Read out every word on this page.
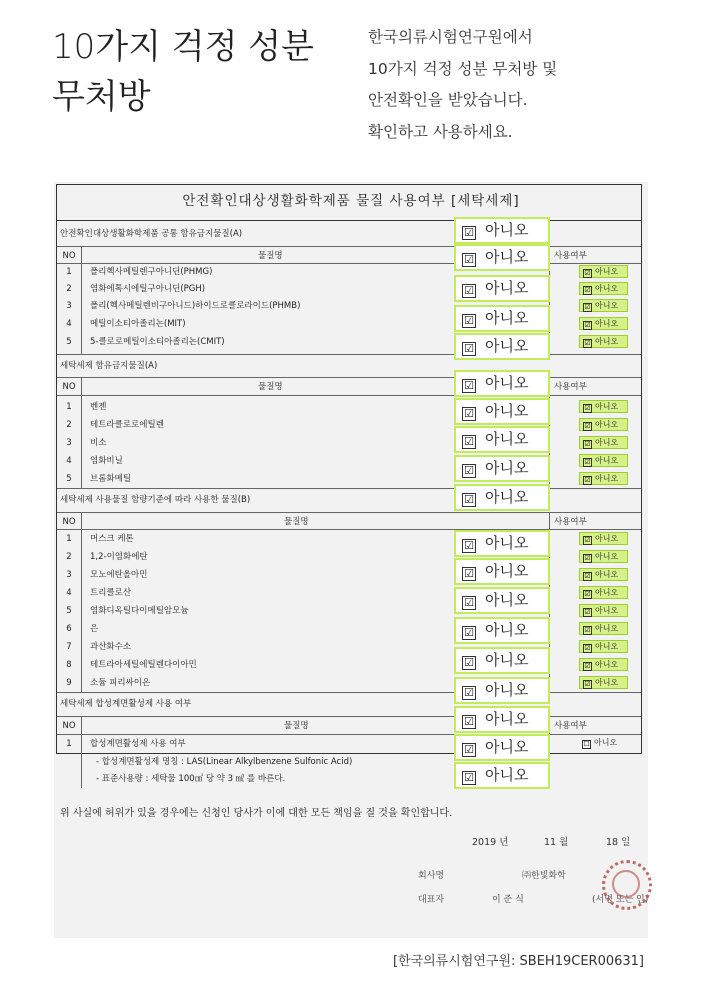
10가지 걱정 성분
무처방
한국의류시험연구원에서
10가지 걱정 성분 무처방 및
안전확인을 받았습니다.
확인하고 사용하세요.
안전확인대상생활화학제품 물질 사용여부 [세탁세제]
안전확인대상생활화학제품 공통 함유금지물질(A)
NO	물질명	사용여부
1	폴리헥사메틸렌구아니딘(PHMG)	☑ 아니오
2	염화에톡시에틸구아니딘(PGH)	☑ 아니오
3	폴리(헥사메틸렌비구아니드)하이드로클로라이드(PHMB)	☑ 아니오
4	메틸이소티아졸리논(MIT)	☑ 아니오
5	5-클로로메틸이소티아졸리논(CMIT)	☑ 아니오
세탁세제 함유금지물질(A)
NO	물질명	사용여부
1	벤젠	☑ 아니오
2	테트라클로로에틸렌	☑ 아니오
3	비소	☑ 아니오
4	염화비닐	☑ 아니오
5	브롬화메틸	☑ 아니오
세탁세제 사용물질 함량기준에 따라 사용한 물질(B)
NO	물질명	사용여부
1	머스크 케톤	☑ 아니오
2	1,2-이염화에탄	☑ 아니오
3	모노에탄올아민	☑ 아니오
4	트리클로산	☑ 아니오
5	염화디옥틸다이메틸암모늄	☑ 아니오
6	은	☑ 아니오
7	과산화수소	☑ 아니오
8	테트라아세틸에틸렌다이아민	☑ 아니오
9	소듐 피리싸이온	☑ 아니오
세탁세제 합성계면활성제 사용 여부
NO	물질명	사용여부
1	합성계면활성제 사용 여부	☐ 아니오
- 합성계면활성제 명칭 : LAS(Linear Alkylbenzene Sulfonic Acid)
- 표준사용량 : 세탁물 100㎠ 당 약 3 ㎖ 를 바른다.
☑ 아니오
☑ 아니오
☑ 아니오
☑ 아니오
☑ 아니오
☑ 아니오
☑ 아니오
☑ 아니오
☑ 아니오
☑ 아니오
☑ 아니오
☑ 아니오
☑ 아니오
☑ 아니오
☑ 아니오
☑ 아니오
☑ 아니오
☑ 아니오
☑ 아니오
위 사실에 허위가 있을 경우에는 신청인 당사가 이에 대한 모든 책임을 질 것을 확인합니다.
2019 년	11 월	18 일
회사명	㈜한빛화학
대표자	이 준 식	(서명 또는 인)
[한국의류시험연구원: SBEH19CER00631]
